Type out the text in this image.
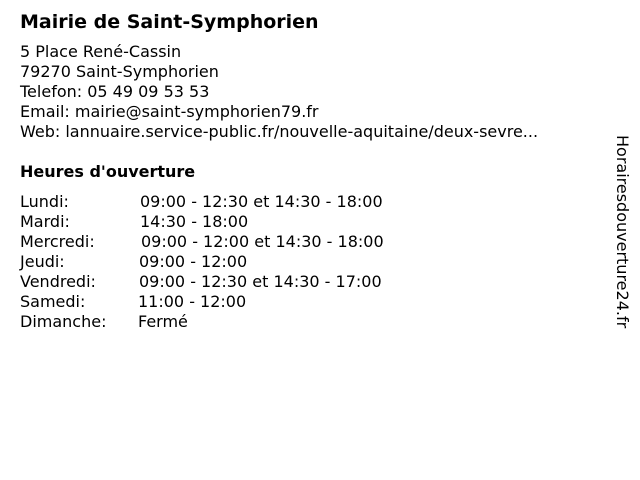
Mairie de Saint-Symphorien
5 Place René-Cassin
79270 Saint-Symphorien
Telefon: 05 49 09 53 53
Email: mairie@saint-symphorien79.fr
Web: lannuaire.service-public.fr/nouvelle-aquitaine/deux-sevre...
Heures d'ouverture
Lundi:	09:00 - 12:30 et 14:30 - 18:00
Mardi:	14:30 - 18:00
Mercredi:	09:00 - 12:00 et 14:30 - 18:00
Jeudi:	09:00 - 12:00
Vendredi:	09:00 - 12:30 et 14:30 - 17:00
Samedi:	11:00 - 12:00
Dimanche: Fermé	Horairesdouverture24.fr
